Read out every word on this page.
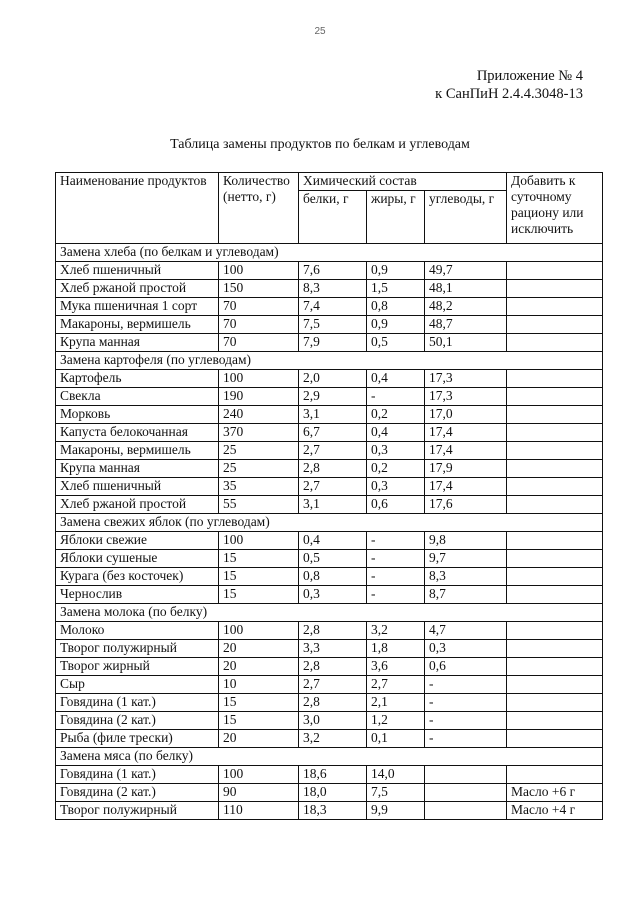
25
Приложение № 4
к СанПиН 2.4.4.3048-13
Таблица замены продуктов по белкам и углеводам
Наименование продуктов	Количество (нетто, г)	Химический состав			Добавить к суточному рациону или исключить
		белки, г	жиры, г	углеводы, г	
Замена хлеба (по белкам и углеводам)					
Хлеб пшеничный	100	7,6	0,9	49,7	
Хлеб ржаной простой	150	8,3	1,5	48,1	
Мука пшеничная 1 сорт	70	7,4	0,8	48,2	
Макароны, вермишель	70	7,5	0,9	48,7	
Крупа манная	70	7,9	0,5	50,1	
Замена картофеля (по углеводам)					
Картофель	100	2,0	0,4	17,3	
Свекла	190	2,9	-	17,3	
Морковь	240	3,1	0,2	17,0	
Капуста белокочанная	370	6,7	0,4	17,4	
Макароны, вермишель	25	2,7	0,3	17,4	
Крупа манная	25	2,8	0,2	17,9	
Хлеб пшеничный	35	2,7	0,3	17,4	
Хлеб ржаной простой	55	3,1	0,6	17,6	
Замена свежих яблок (по углеводам)					
Яблоки свежие	100	0,4	-	9,8	
Яблоки сушеные	15	0,5	-	9,7	
Курага (без косточек)	15	0,8	-	8,3	
Чернослив	15	0,3	-	8,7	
Замена молока (по белку)					
Молоко	100	2,8	3,2	4,7	
Творог полужирный	20	3,3	1,8	0,3	
Творог жирный	20	2,8	3,6	0,6	
Сыр	10	2,7	2,7	-	
Говядина (1 кат.)	15	2,8	2,1	-	
Говядина (2 кат.)	15	3,0	1,2	-	
Рыба (филе трески)	20	3,2	0,1	-	
Замена мяса (по белку)					
Говядина (1 кат.)	100	18,6	14,0		
Говядина (2 кат.)	90	18,0	7,5		Масло +6 г
Творог полужирный	110	18,3	9,9		Масло +4 г
